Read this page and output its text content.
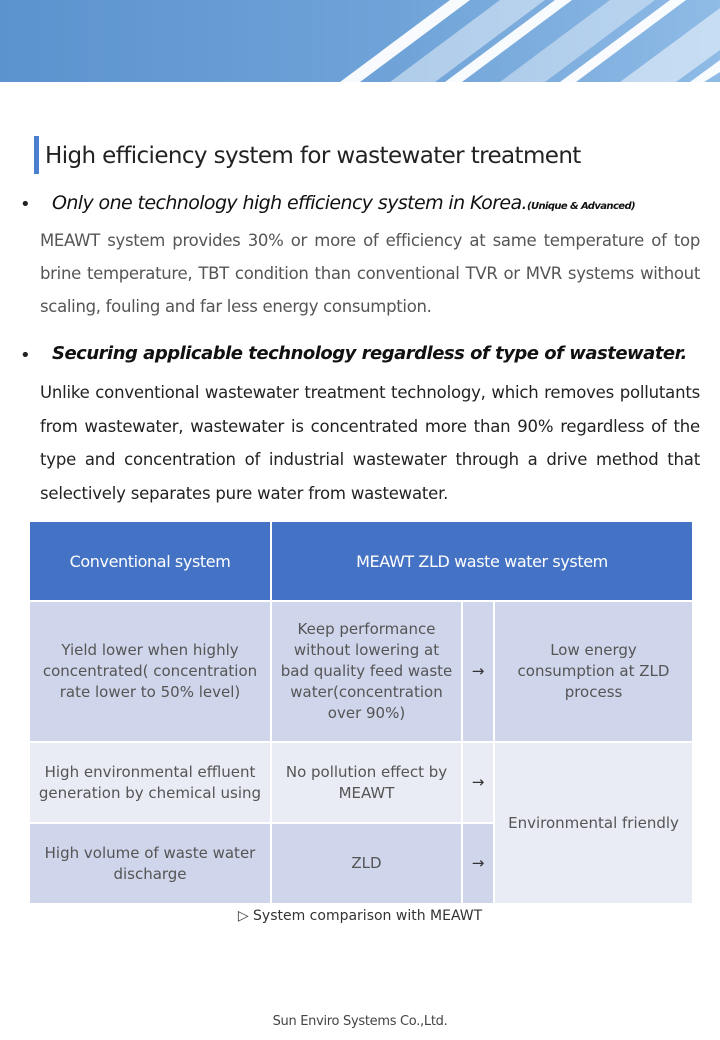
High efficiency system for wastewater treatment
• Only one technology high efficiency system in Korea.(Unique & Advanced)
MEAWT system provides 30% or more of efficiency at same temperature of top brine temperature, TBT condition than conventional TVR or MVR systems without scaling, fouling and far less energy consumption.
• Securing applicable technology regardless of type of wastewater.
Unlike conventional wastewater treatment technology, which removes pollutants from wastewater, wastewater is concentrated more than 90% regardless of the type and concentration of industrial wastewater through a drive method that selectively separates pure water from wastewater.
Conventional system	MEAWT ZLD waste water system		
Yield lower when highly concentrated( concentration rate lower to 50% level)	Keep performance without lowering at bad quality feed waste water(concentration over 90%)	→	Low energy consumption at ZLD process
High environmental effluent generation by chemical using	No pollution effect by MEAWT	→	Environmental friendly
High volume of waste water discharge	ZLD	→	
▷ System comparison with MEAWT
Sun Enviro Systems Co.,Ltd.
